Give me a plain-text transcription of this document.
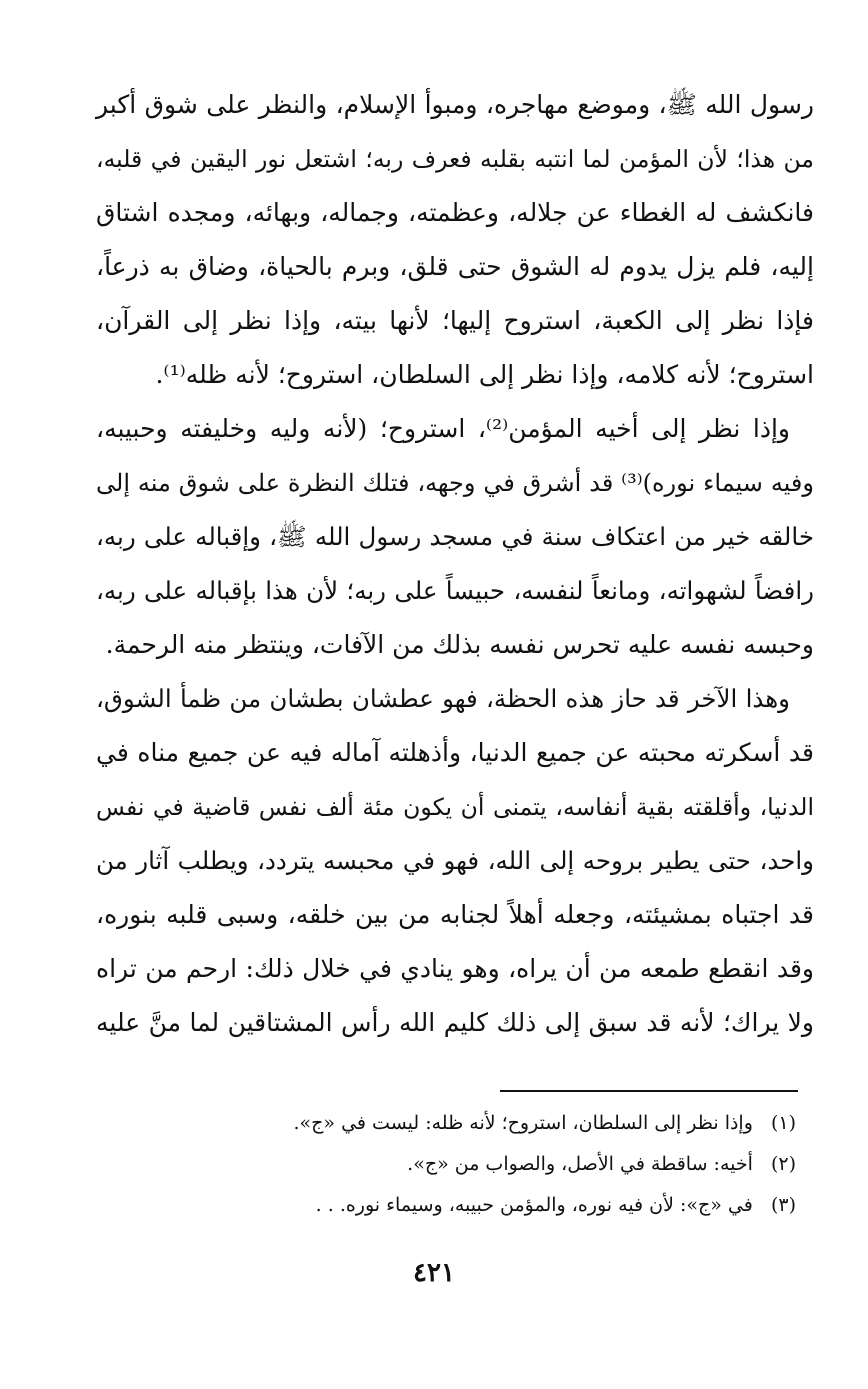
رسول الله ﷺ، وموضع مهاجره، ومبوأ الإسلام، والنظر على شوق أكبر
من هذا؛ لأن المؤمن لما انتبه بقلبه فعرف ربه؛ اشتعل نور اليقين في قلبه،
فانكشف له الغطاء عن جلاله، وعظمته، وجماله، وبهائه، ومجده اشتاق
إليه، فلم يزل يدوم له الشوق حتى قلق، وبرم بالحياة، وضاق به ذرعاً،
فإذا نظر إلى الكعبة، استروح إليها؛ لأنها بيته، وإذا نظر إلى القرآن،
استروح؛ لأنه كلامه، وإذا نظر إلى السلطان، استروح؛ لأنه ظله⁽¹⁾.
وإذا نظر إلى أخيه المؤمن⁽²⁾، استروح؛ (لأنه وليه وخليفته وحبيبه،
وفيه سيماء نوره)⁽³⁾ قد أشرق في وجهه، فتلك النظرة على شوق منه إلى
خالقه خير من اعتكاف سنة في مسجد رسول الله ﷺ، وإقباله على ربه،
رافضاً لشهواته، ومانعاً لنفسه، حبيساً على ربه؛ لأن هذا بإقباله على ربه،
وحبسه نفسه عليه تحرس نفسه بذلك من الآفات، وينتظر منه الرحمة.
وهذا الآخر قد حاز هذه الحظة، فهو عطشان بطشان من ظمأ الشوق،
قد أسكرته محبته عن جميع الدنيا، وأذهلته آماله فيه عن جميع مناه في
الدنيا، وأقلقته بقية أنفاسه، يتمنى أن يكون مئة ألف نفس قاضية في نفس
واحد، حتى يطير بروحه إلى الله، فهو في محبسه يتردد، ويطلب آثار من
قد اجتباه بمشيئته، وجعله أهلاً لجنابه من بين خلقه، وسبى قلبه بنوره،
وقد انقطع طمعه من أن يراه، وهو ينادي في خلال ذلك: ارحم من تراه
ولا يراك؛ لأنه قد سبق إلى ذلك كليم الله رأس المشتاقين لما منَّ عليه
(١) وإذا نظر إلى السلطان، استروح؛ لأنه ظله: ليست في «ج».
(٢) أخيه: ساقطة في الأصل، والصواب من «ج».
(٣) في «ج»: لأن فيه نوره، والمؤمن حبيبه، وسيماء نوره. . .
٤٢١
